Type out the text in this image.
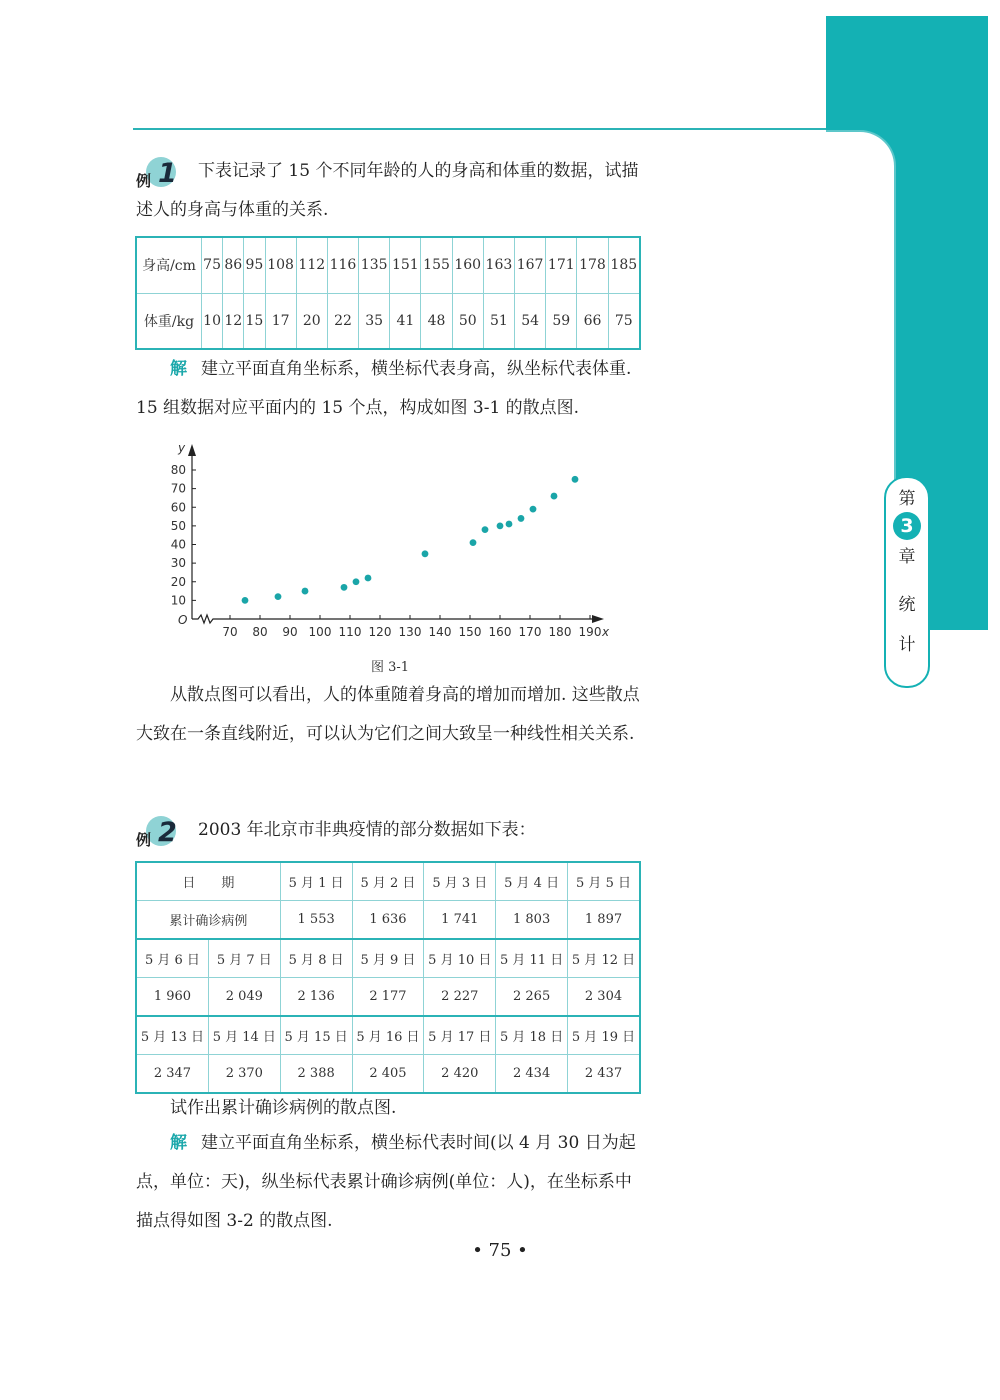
第
3
章
统
计
例 1 下表记录了 15 个不同年龄的人的身高和体重的数据，试描述人的身高与体重的关系.
身高/cm	75	86	95	108	112	116	135	151	155	160	163	167	171	178	185
体重/kg	10	12	15	17	20	22	35	41	48	50	51	54	59	66	75
解 建立平面直角坐标系，横坐标代表身高，纵坐标代表体重. 15 组数据对应平面内的 15 个点，构成如图 3-1 的散点图.
y
x
O
10
20
30
40
50
60
70
80
70 80 90 100 110 120 130 140 150 160 170 180 190
图 3-1
从散点图可以看出，人的体重随着身高的增加而增加. 这些散点大致在一条直线附近，可以认为它们之间大致呈一种线性相关关系.
例 2 2003 年北京市非典疫情的部分数据如下表：
日　　期		5 月 1 日	5 月 2 日	5 月 3 日	5 月 4 日	5 月 5 日
累计确诊病例		1 553	1 636	1 741	1 803	1 897
5 月 6 日	5 月 7 日	5 月 8 日	5 月 9 日	5 月 10 日	5 月 11 日	5 月 12 日
1 960	2 049	2 136	2 177	2 227	2 265	2 304
5 月 13 日	5 月 14 日	5 月 15 日	5 月 16 日	5 月 17 日	5 月 18 日	5 月 19 日
2 347	2 370	2 388	2 405	2 420	2 434	2 437
试作出累计确诊病例的散点图.
解 建立平面直角坐标系，横坐标代表时间(以 4 月 30 日为起点，单位：天)，纵坐标代表累计确诊病例(单位：人)，在坐标系中描点得如图 3-2 的散点图.
• 75 •
